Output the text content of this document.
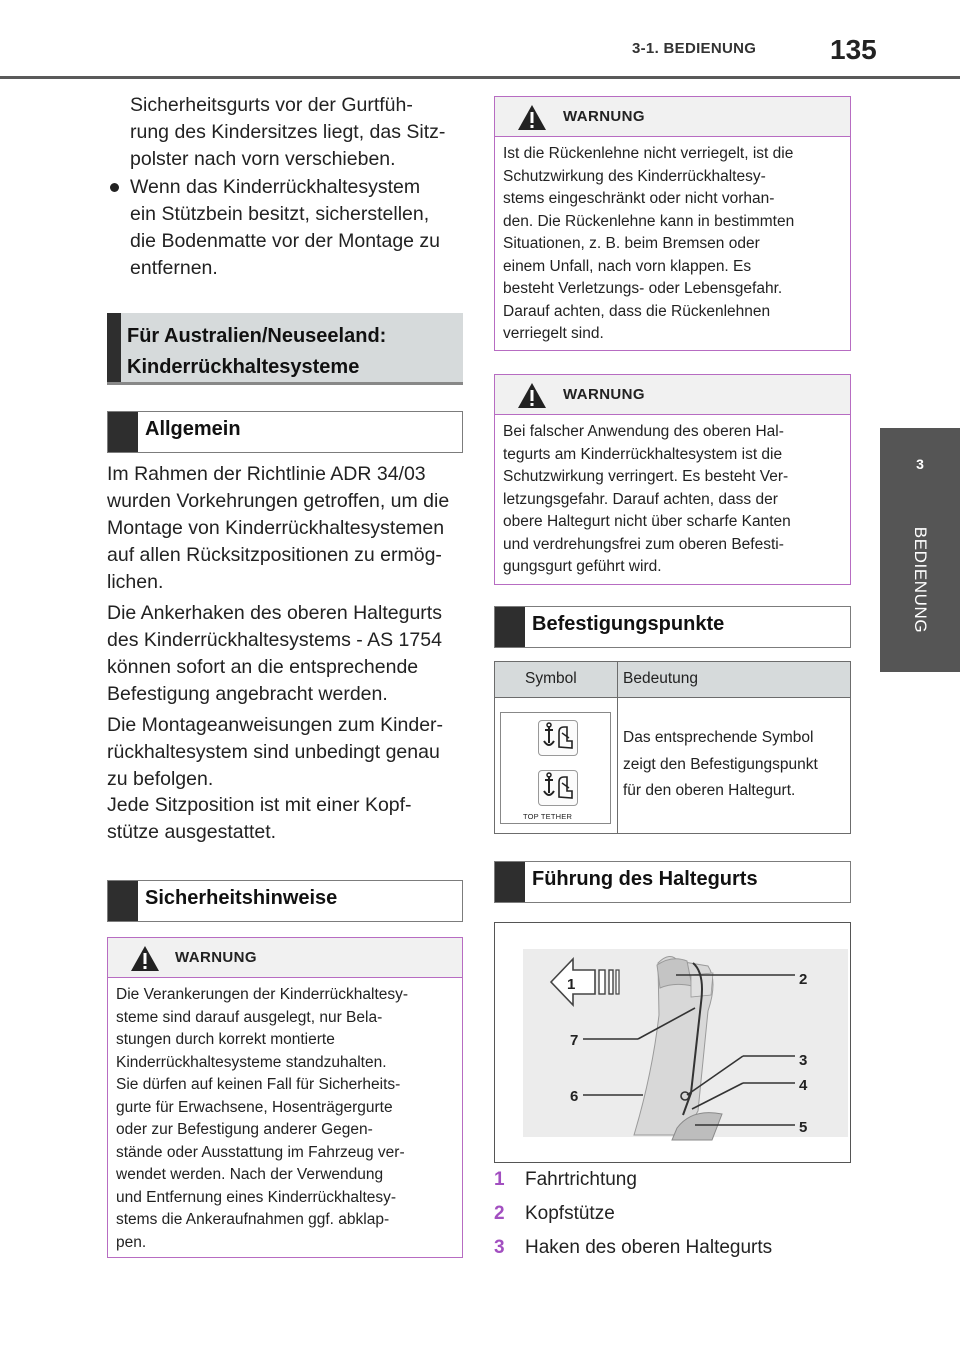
3-1. BEDIENUNG	135
3
BEDIENUNG
Sicherheitsgurts vor der Gurtfüh-
rung des Kindersitzes liegt, das Sitz-
polster nach vorn verschieben.
Wenn das Kinderrückhaltesystem
ein Stützbein besitzt, sicherstellen,
die Bodenmatte vor der Montage zu
entfernen.
Für Australien/Neuseeland:
Kinderrückhaltesysteme
Allgemein
Im Rahmen der Richtlinie ADR 34/03
wurden Vorkehrungen getroffen, um die
Montage von Kinderrückhaltesystemen
auf allen Rücksitzpositionen zu ermög-
lichen.
Die Ankerhaken des oberen Haltegurts
des Kinderrückhaltesystems - AS 1754
können sofort an die entsprechende
Befestigung angebracht werden.
Die Montageanweisungen zum Kinder-
rückhaltesystem sind unbedingt genau
zu befolgen.
Jede Sitzposition ist mit einer Kopf-
stütze ausgestattet.
Sicherheitshinweise
WARNUNG
Die Verankerungen der Kinderrückhaltesy-
steme sind darauf ausgelegt, nur Bela-
stungen durch korrekt montierte
Kinderrückhaltesysteme standzuhalten.
Sie dürfen auf keinen Fall für Sicherheits-
gurte für Erwachsene, Hosenträgergurte
oder zur Befestigung anderer Gegen-
stände oder Ausstattung im Fahrzeug ver-
wendet werden. Nach der Verwendung
und Entfernung eines Kinderrückhaltesy-
stems die Ankeraufnahmen ggf. abklap-
pen.
WARNUNG
Ist die Rückenlehne nicht verriegelt, ist die
Schutzwirkung des Kinderrückhaltesy-
stems eingeschränkt oder nicht vorhan-
den. Die Rückenlehne kann in bestimmten
Situationen, z. B. beim Bremsen oder
einem Unfall, nach vorn klappen. Es
besteht Verletzungs- oder Lebensgefahr.
Darauf achten, dass die Rückenlehnen
verriegelt sind.
WARNUNG
Bei falscher Anwendung des oberen Hal-
tegurts am Kinderrückhaltesystem ist die
Schutzwirkung verringert. Es besteht Ver-
letzungsgefahr. Darauf achten, dass der
obere Haltegurt nicht über scharfe Kanten
und verdrehungsfrei zum oberen Befesti-
gungsgurt geführt wird.
Befestigungspunkte
Symbol	Bedeutung
TOP TETHER
Das entsprechende Symbol
zeigt den Befestigungspunkt
für den oberen Haltegurt.
Führung des Haltegurts
1	2
3
4
5
6
7
1 Fahrtrichtung
2 Kopfstütze
3 Haken des oberen Haltegurts
